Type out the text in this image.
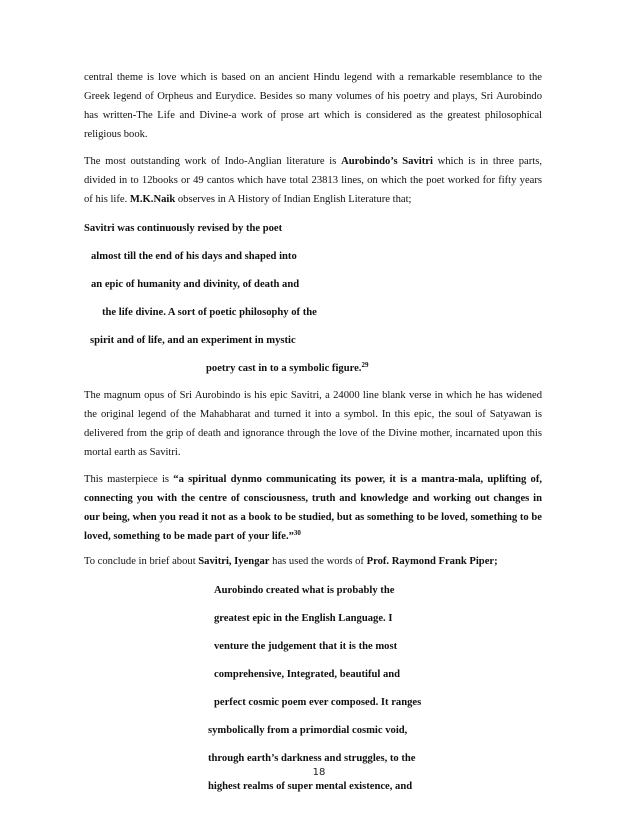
central theme is love which is based on an ancient Hindu legend with a remarkable resemblance to the Greek legend of Orpheus and Eurydice. Besides so many volumes of his poetry and plays, Sri Aurobindo has written-The Life and Divine-a work of prose art which is considered as the greatest philosophical religious book.

The most outstanding work of Indo-Anglian literature is Aurobindo’s Savitri which is in three parts, divided in to 12books or 49 cantos which have total 23813 lines, on which the poet worked for fifty years of his life. M.K.Naik observes in A History of Indian English Literature that;

Savitri was continuously revised by the poet

almost till the end of his days and shaped into

an epic of humanity and divinity, of death and

the life divine. A sort of poetic philosophy of the

spirit and of life, and an experiment in mystic

poetry cast in to a symbolic figure.$^{29}$

The magnum opus of Sri Aurobindo is his epic Savitri, a 24000 line blank verse in which he has widened the original legend of the Mahabharat and turned it into a symbol. In this epic, the soul of Satyawan is delivered from the grip of death and ignorance through the love of the Divine mother, incarnated upon this mortal earth as Savitri.

This masterpiece is “a spiritual dynmo communicating its power, it is a mantra-mala, uplifting of, connecting you with the centre of consciousness, truth and knowledge and working out changes in our being, when you read it not as a book to be studied, but as something to be loved, something to be loved, something to be made part of your life.”$^{30}$

To conclude in brief about Savitri, Iyengar has used the words of Prof. Raymond Frank Piper;

Aurobindo created what is probably the

greatest epic in the English Language. I

venture the judgement that it is the most

comprehensive, Integrated, beautiful and

perfect cosmic poem ever composed. It ranges

symbolically from a primordial cosmic void,

through earth’s darkness and struggles, to the

highest realms of super mental existence, and

18
